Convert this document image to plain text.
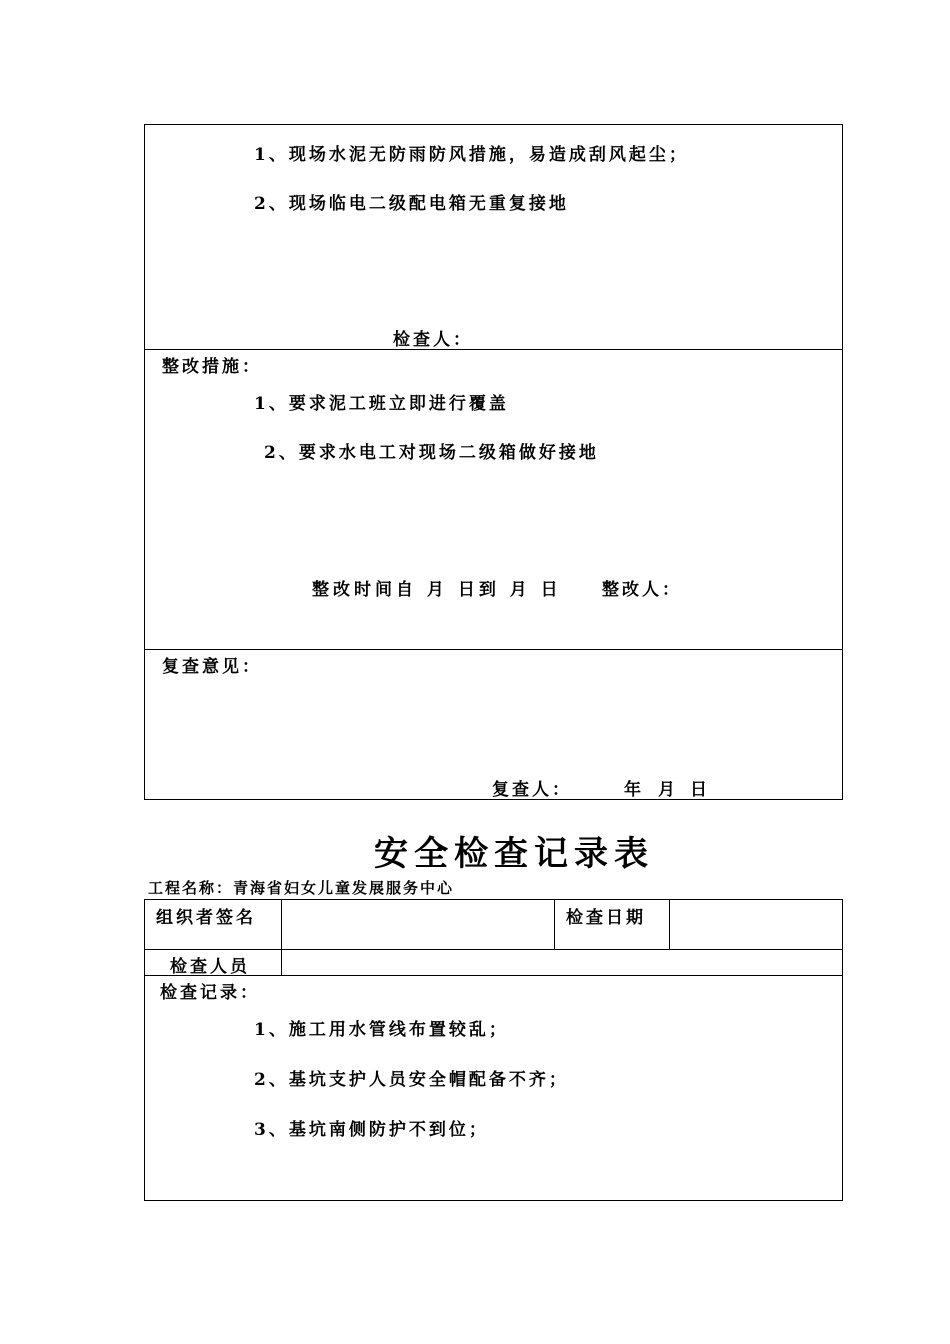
1、现场水泥无防雨防风措施，易造成刮风起尘；
2、现场临电二级配电箱无重复接地
检查人：
整改措施：
1、要求泥工班立即进行覆盖
2、要求水电工对现场二级箱做好接地
整改时间自 月 日到 月 日 整改人：
复查意见：
复查人：	年 月 日
安全检查记录表
工程名称：青海省妇女儿童发展服务中心
组织者签名	检查日期
检查人员
检查记录：
1、施工用水管线布置较乱；
2、基坑支护人员安全帽配备不齐；
3、基坑南侧防护不到位；
